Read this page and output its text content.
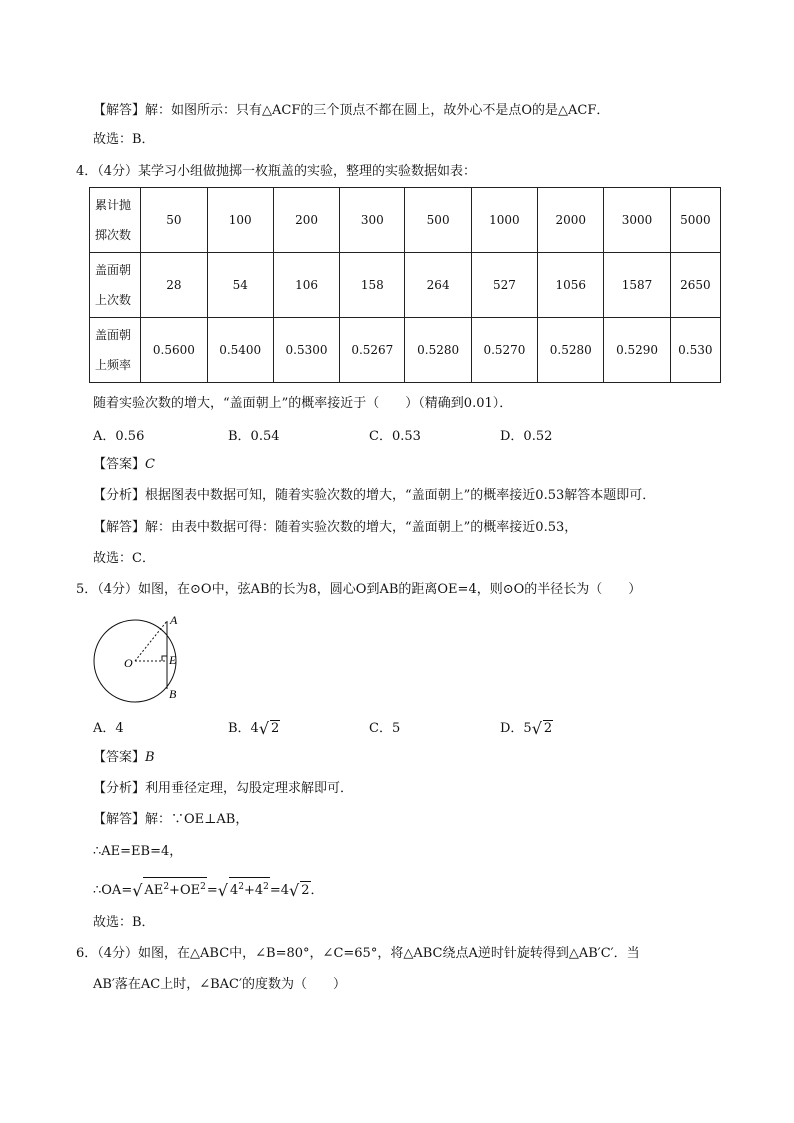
【解答】解：如图所示：只有△ACF的三个顶点不都在圆上，故外心不是点O的是△ACF．
故选：B．
4．（4分）某学习小组做抛掷一枚瓶盖的实验，整理的实验数据如表：
累计抛
掷次数	50	100	200	300	500	1000	2000	3000	5000

盖面朝
上次数	28	54	106	158	264	527	1056	1587	2650

盖面朝
上频率	0.5600	0.5400	0.5300	0.5267	0.5280	0.5270	0.5280	0.5290	0.530
随着实验次数的增大，“盖面朝上”的概率接近于（　　）（精确到0.01）．
A．0.56	B．0.54	C．0.53	D．0.52
【答案】C
【分析】根据图表中数据可知，随着实验次数的增大，“盖面朝上”的概率接近0.53解答本题即可．
【解答】解：由表中数据可得：随着实验次数的增大，“盖面朝上”的概率接近0.53，
故选：C．
5．（4分）如图，在⊙O中，弦AB的长为8，圆心O到AB的距离OE=4，则⊙O的半径长为（　　）
A
B
E
O
A．4	B．4√ 2	C．5	D．5√ 2
【答案】B
【分析】利用垂径定理，勾股定理求解即可．
【解答】解：∵OE⊥AB，
∴AE=EB=4，
∴OA=√ $AE^2+OE^2=√$ $4^2+4^2=4√$ 2．
故选：B．
6．（4分）如图，在△ABC中，∠B=80°，∠C=65°，将△ABC绕点A逆时针旋转得到△AB′C′．当
AB′落在AC上时，∠BAC′的度数为（　　）
